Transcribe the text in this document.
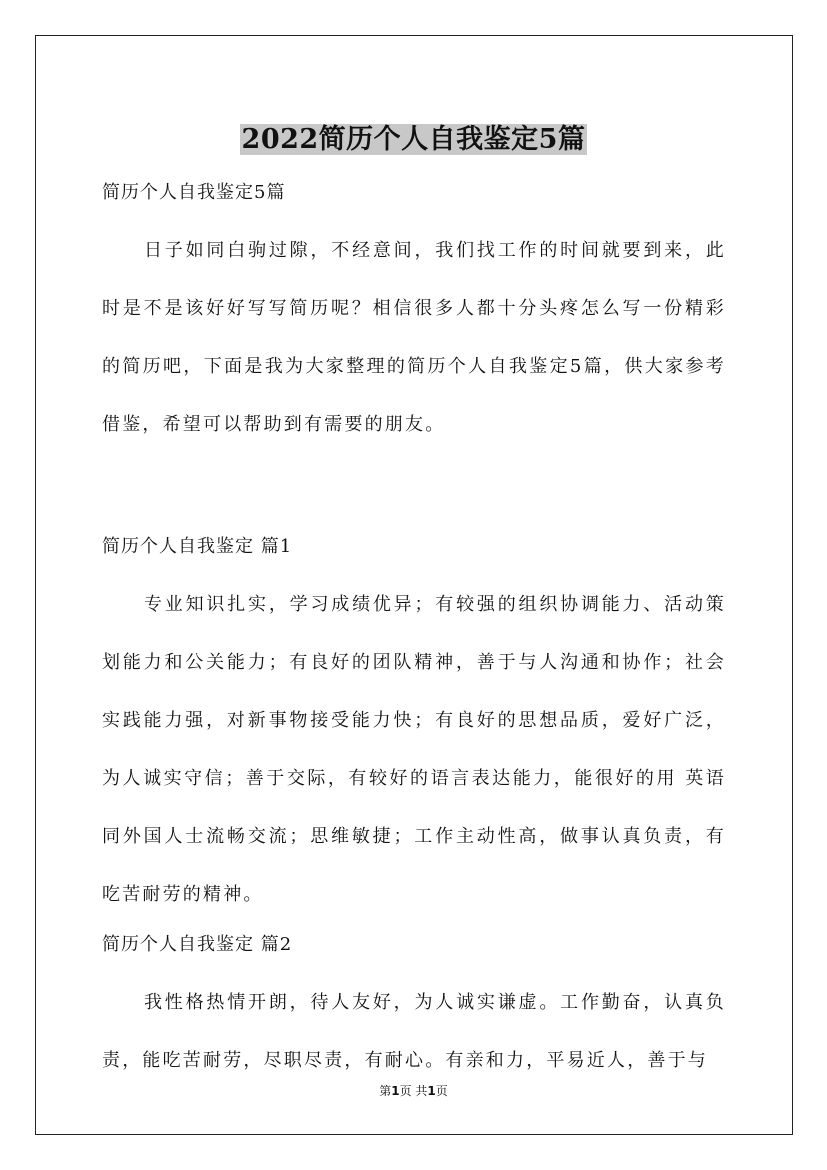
2022简历个人自我鉴定5篇

简历个人自我鉴定5篇

日子如同白驹过隙，不经意间，我们找工作的时间就要到来，此时是不是该好好写写简历呢？相信很多人都十分头疼怎么写一份精彩的简历吧，下面是我为大家整理的简历个人自我鉴定5篇，供大家参考借鉴，希望可以帮助到有需要的朋友。

简历个人自我鉴定 篇1

专业知识扎实，学习成绩优异；有较强的组织协调能力、活动策划能力和公关能力；有良好的团队精神，善于与人沟通和协作；社会实践能力强，对新事物接受能力快；有良好的思想品质，爱好广泛，为人诚实守信；善于交际，有较好的语言表达能力，能很好的用 英语同外国人士流畅交流；思维敏捷；工作主动性高，做事认真负责，有吃苦耐劳的精神。

简历个人自我鉴定 篇2

我性格热情开朗，待人友好，为人诚实谦虚。工作勤奋，认真负责，能吃苦耐劳，尽职尽责，有耐心。有亲和力，平易近人，善于与

第1页 共1页
